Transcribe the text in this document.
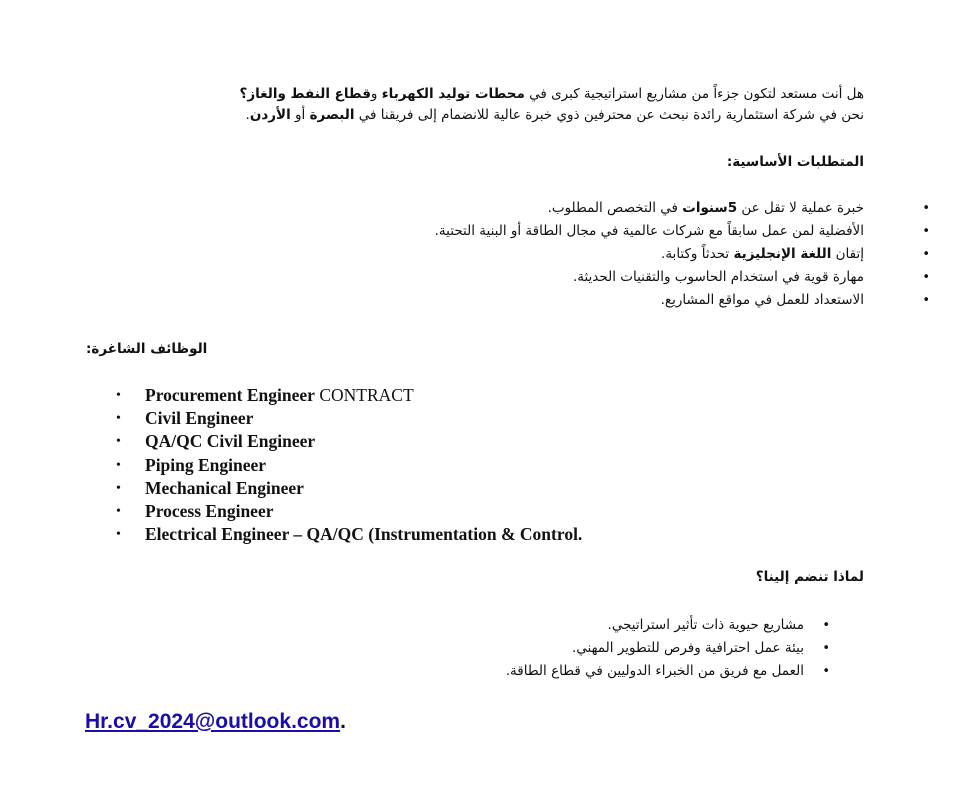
هل أنت مستعد لتكون جزءاً من مشاريع استراتيجية كبرى في محطات توليد الكهرباء وقطاع النفط والغاز؟

نحن في شركة استثمارية رائدة نبحث عن محترفين ذوي خبرة عالية للانضمام إلى فريقنا في البصرة أو الأردن.

المتطلبات الأساسية:
•
خبرة عملية لا تقل عن 5سنوات في التخصص المطلوب.
•
الأفضلية لمن عمل سابقاً مع شركات عالمية في مجال الطاقة أو البنية التحتية.
•
إتقان اللغة الإنجليزية تحدثاً وكتابة.
•
مهارة قوية في استخدام الحاسوب والتقنيات الحديثة.
•
الاستعداد للعمل في مواقع المشاريع.
الوظائف الشاغرة:
• Procurement Engineer CONTRACT
• Civil Engineer
• QA/QC Civil Engineer
• Piping Engineer
• Mechanical Engineer
• Process Engineer
• Electrical Engineer – QA/QC (Instrumentation & Control.
لماذا تنضم إلينا؟
•
مشاريع حيوية ذات تأثير استراتيجي.
•
بيئة عمل احترافية وفرص للتطوير المهني.
•
العمل مع فريق من الخبراء الدوليين في قطاع الطاقة.
Hr.cv_2024@outlook.com.
